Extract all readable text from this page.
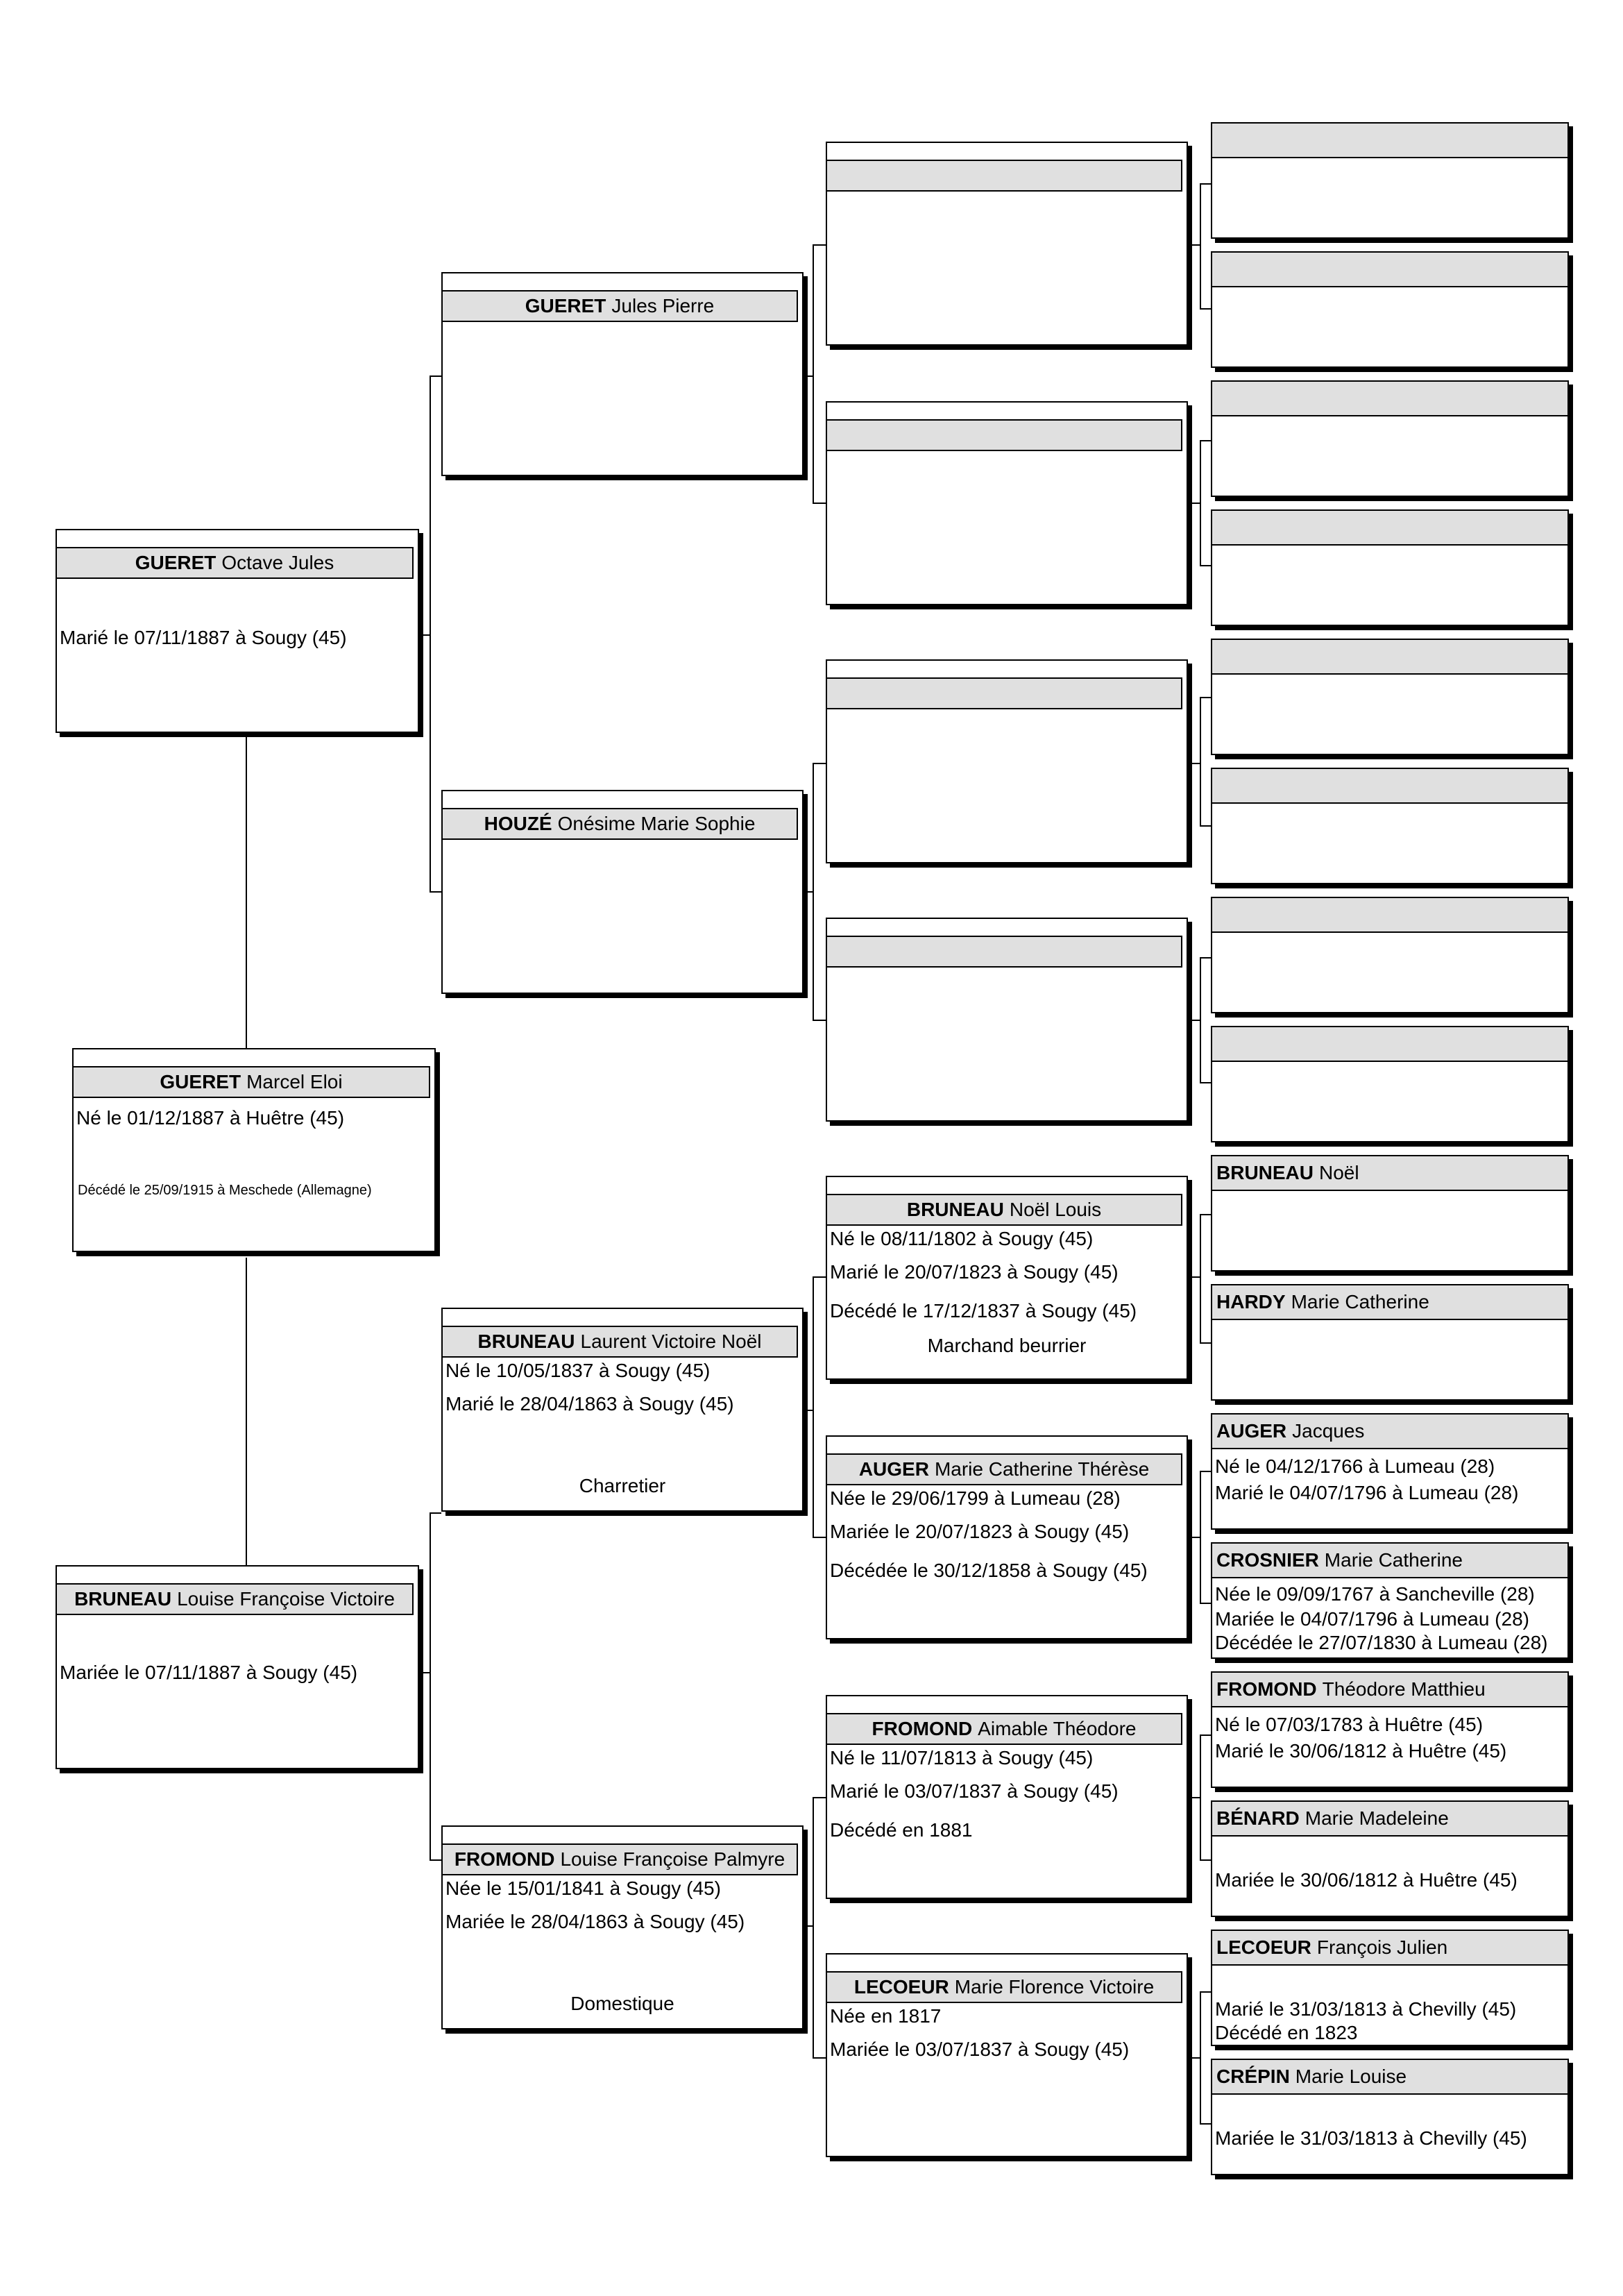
GUERET Marcel Eloi
Né le 01/12/1887 à Huêtre (45)
Décédé le 25/09/1915 à Meschede (Allemagne)
GUERET Octave Jules
Marié le 07/11/1887 à Sougy (45)
BRUNEAU Louise Françoise Victoire
Mariée le 07/11/1887 à Sougy (45)
GUERET Jules Pierre
HOUZÉ Onésime Marie Sophie
BRUNEAU Laurent Victoire Noël
Né le 10/05/1837 à Sougy (45)
Marié le 28/04/1863 à Sougy (45)
Charretier
FROMOND Louise Françoise Palmyre
Née le 15/01/1841 à Sougy (45)
Mariée le 28/04/1863 à Sougy (45)
Domestique
BRUNEAU Noël Louis
Né le 08/11/1802 à Sougy (45)
Marié le 20/07/1823 à Sougy (45)
Décédé le 17/12/1837 à Sougy (45)
Marchand beurrier
AUGER Marie Catherine Thérèse
Née le 29/06/1799 à Lumeau (28)
Mariée le 20/07/1823 à Sougy (45)
Décédée le 30/12/1858 à Sougy (45)
FROMOND Aimable Théodore
Né le 11/07/1813 à Sougy (45)
Marié le 03/07/1837 à Sougy (45)
Décédé en 1881
LECOEUR Marie Florence Victoire
Née en 1817
Mariée le 03/07/1837 à Sougy (45)
BRUNEAU Noël
HARDY Marie Catherine
AUGER Jacques
Né le 04/12/1766 à Lumeau (28)
Marié le 04/07/1796 à Lumeau (28)
CROSNIER Marie Catherine
Née le 09/09/1767 à Sancheville (28)
Mariée le 04/07/1796 à Lumeau (28)
Décédée le 27/07/1830 à Lumeau (28)
FROMOND Théodore Matthieu
Né le 07/03/1783 à Huêtre (45)
Marié le 30/06/1812 à Huêtre (45)
BÉNARD Marie Madeleine
Mariée le 30/06/1812 à Huêtre (45)
LECOEUR François Julien
Marié le 31/03/1813 à Chevilly (45)
Décédé en 1823
CRÉPIN Marie Louise
Mariée le 31/03/1813 à Chevilly (45)
